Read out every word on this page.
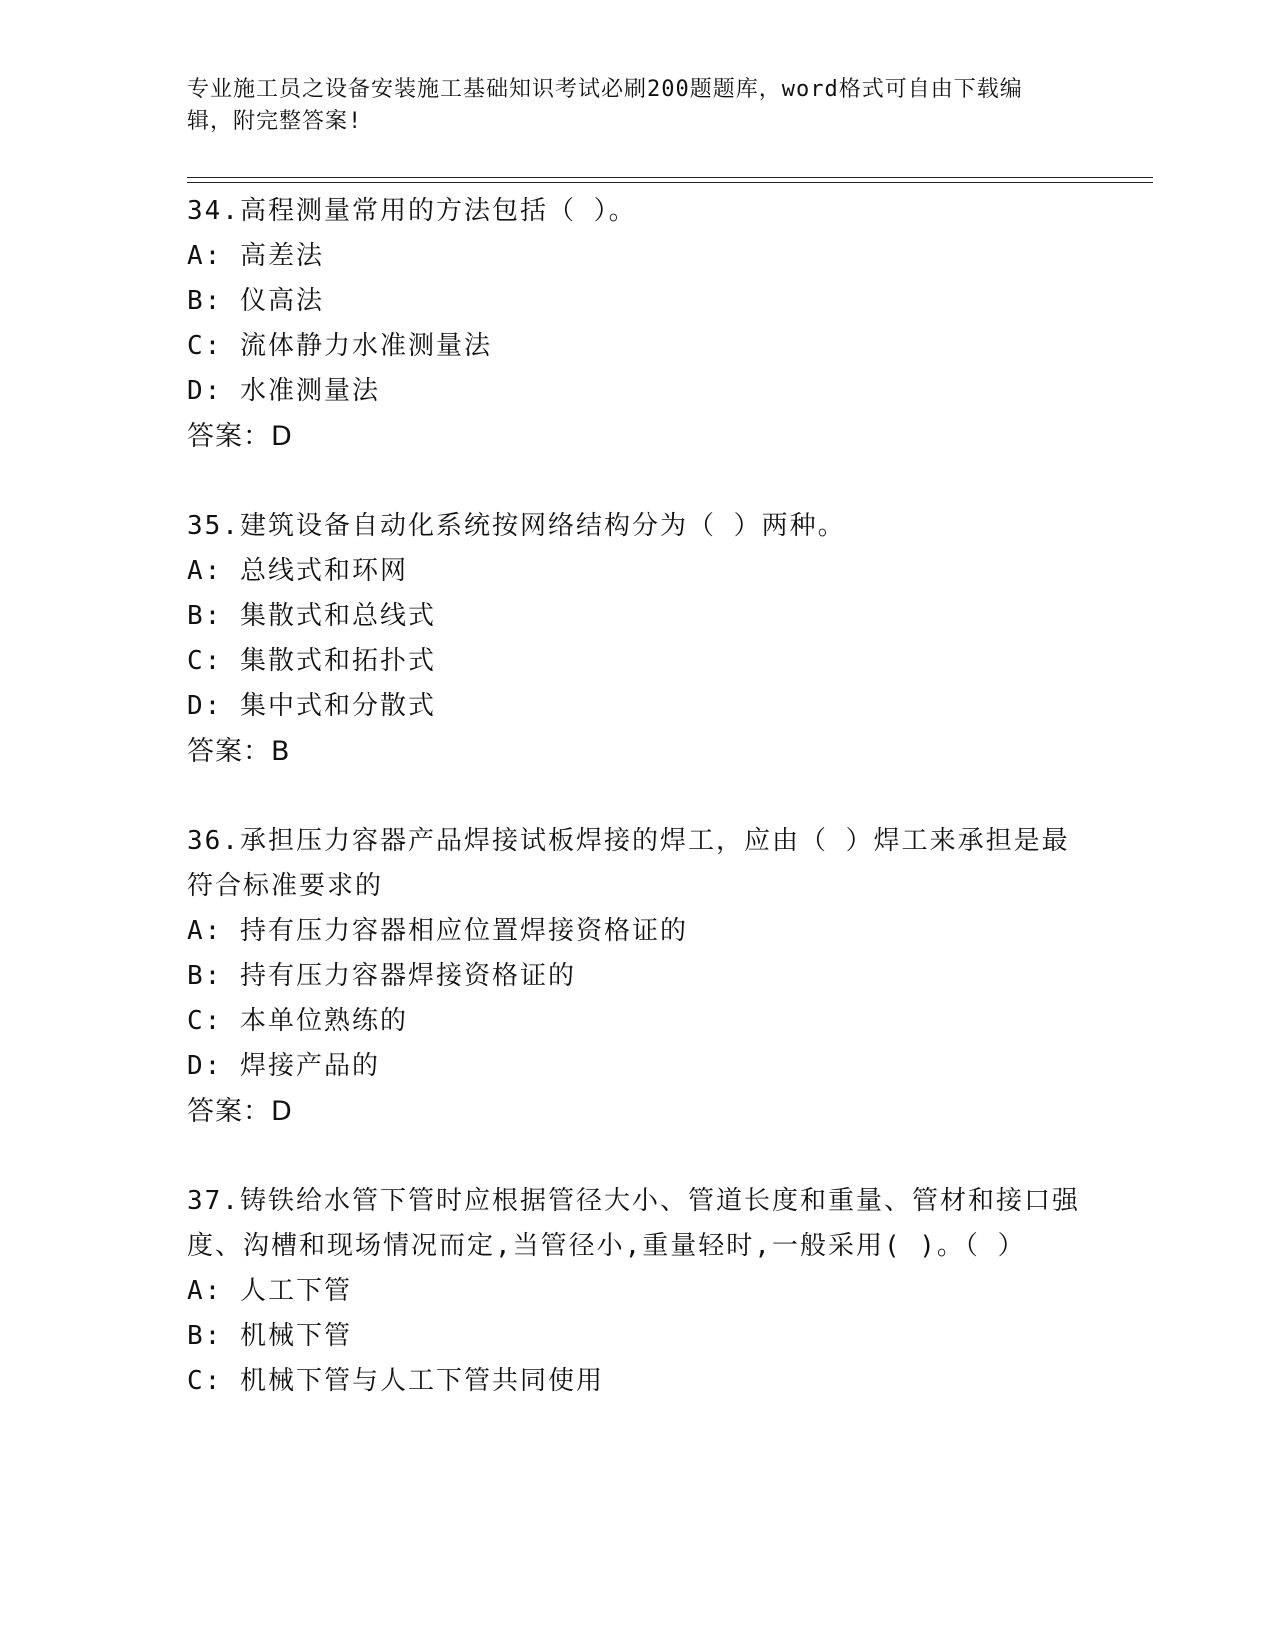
专业施工员之设备安装施工基础知识考试必刷200题题库，word格式可自由下载编辑，附完整答案!
34.高程测量常用的方法包括（ ）。
A: 高差法
B: 仪高法
C: 流体静力水准测量法
D: 水准测量法
答案：D
35.建筑设备自动化系统按网络结构分为（ ）两种。
A: 总线式和环网
B: 集散式和总线式
C: 集散式和拓扑式
D: 集中式和分散式
答案：B
36.承担压力容器产品焊接试板焊接的焊工，应由（ ）焊工来承担是最符合标准要求的
A: 持有压力容器相应位置焊接资格证的
B: 持有压力容器焊接资格证的
C: 本单位熟练的
D: 焊接产品的
答案：D
37.铸铁给水管下管时应根据管径大小、管道长度和重量、管材和接口强度、沟槽和现场情况而定,当管径小,重量轻时,一般采用( )。（ ）
A: 人工下管
B: 机械下管
C: 机械下管与人工下管共同使用
